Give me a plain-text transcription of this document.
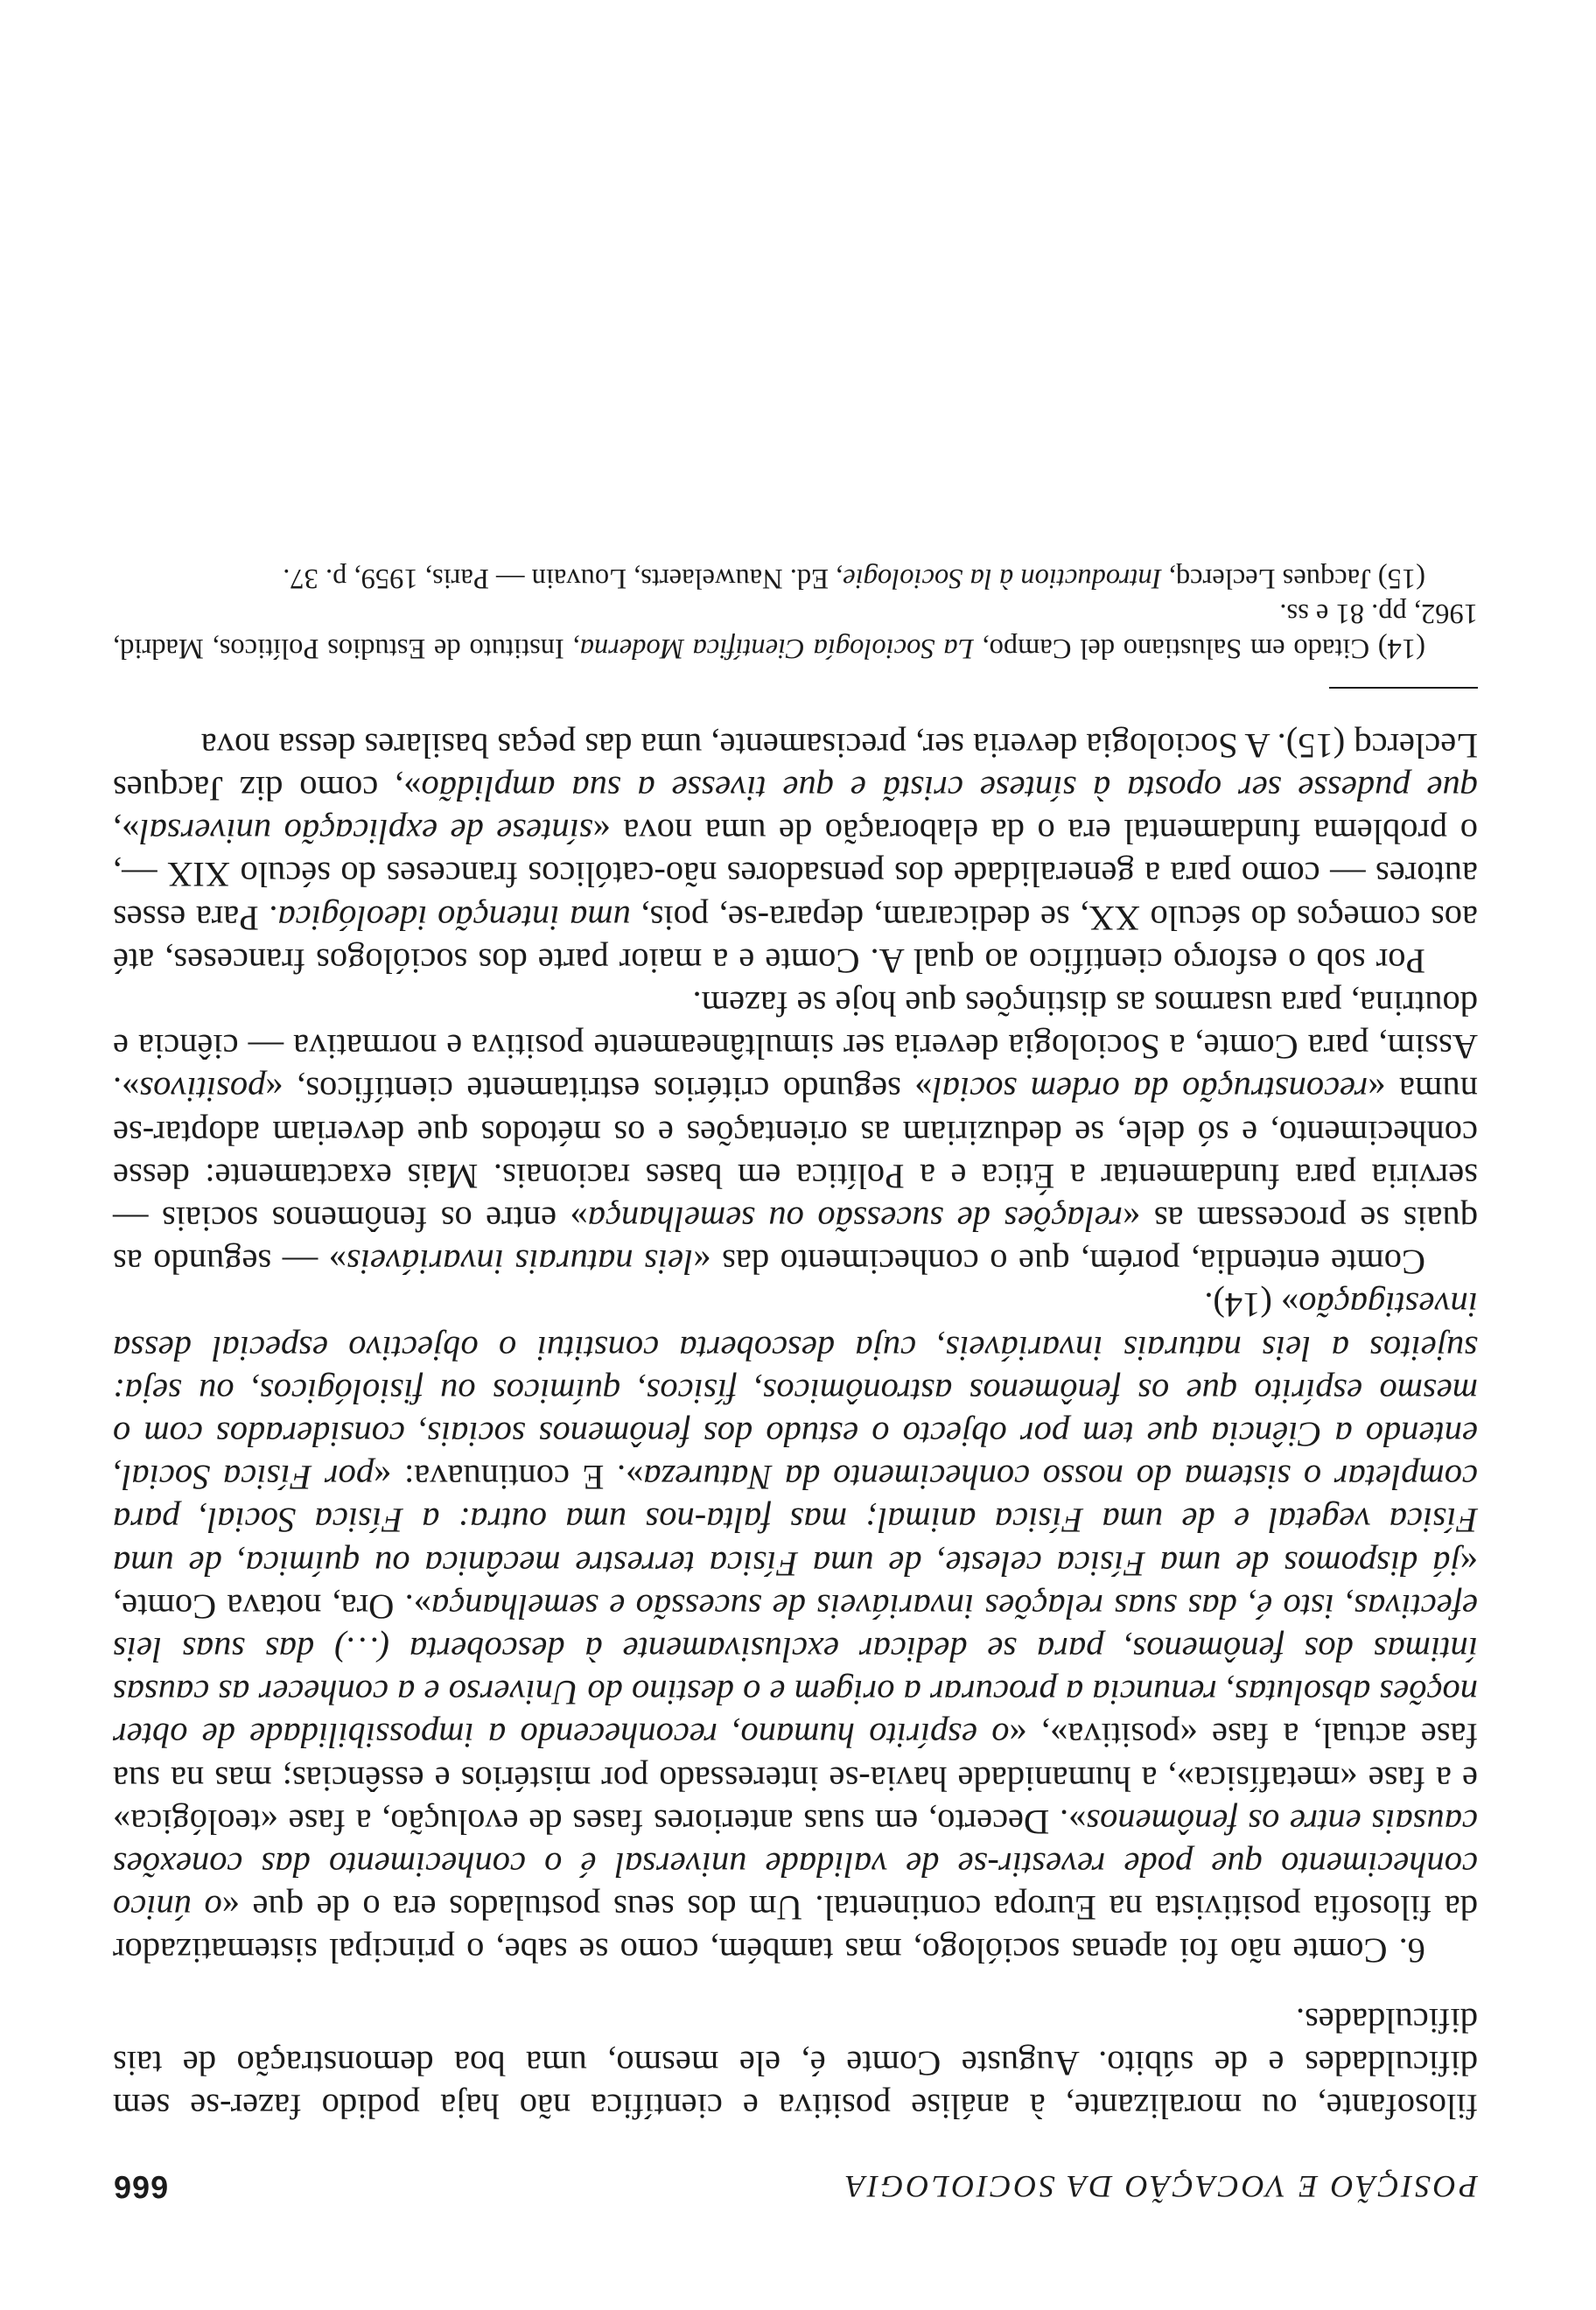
POSIÇÃO E VOCAÇÃO DA SOCIOLOGIA
666

filosofante, ou moralizante, à análise positiva e científica não haja podido fazer-se sem dificuldades e de súbito. Auguste Comte é, ele mesmo, uma boa demonstração de tais dificuldades.

6. Comte não foi apenas sociólogo, mas também, como se sabe, o principal sistematizador da filosofia positivista na Europa continental. Um dos seus postulados era o de que «o único conhecimento que pode revestir-se de validade universal é o conhecimento das conexões causais entre os fenômenos». Decerto, em suas anteriores fases de evolução, a fase «teológica» e a fase «metafísica», a humanidade havia-se interessado por mistérios e essências; mas na sua fase actual, a fase «positiva», «o espírito humano, reconhecendo a impossibilidade de obter noções absolutas, renuncia a procurar a origem e o destino do Universo e a conhecer as causas íntimas dos fenômenos, para se dedicar exclusivamente à descoberta (…) das suas leis efectivas, isto é, das suas relações invariáveis de sucessão e semelhança». Ora, notava Comte, «já dispomos de uma Física celeste, de uma Física terrestre mecânica ou química, de uma Física vegetal e de uma Física animal; mas falta-nos uma outra: a Física Social, para completar o sistema do nosso conhecimento da Natureza». E continuava: «por Física Social, entendo a Ciência que tem por objecto o estudo dos fenômenos sociais, considerados com o mesmo espírito que os fenômenos astronômicos, físicos, químicos ou fisiológicos, ou seja: sujeitos a leis naturais invariáveis, cuja descoberta constitui o objectivo especial dessa investigação» (14).

Comte entendia, porém, que o conhecimento das «leis naturais invariáveis» — segundo as quais se processam as «relações de sucessão ou semelhança» entre os fenômenos sociais — serviria para fundamentar a Ética e a Política em bases racionais. Mais exactamente: desse conhecimento, e só dele, se deduziriam as orientações e os métodos que deveriam adoptar-se numa «reconstrução da ordem social» segundo critérios estritamente científicos, «positivos». Assim, para Comte, a Sociologia deveria ser simultâneamente positiva e normativa — ciência e doutrina, para usarmos as distinções que hoje se fazem.

Por sob o esforço científico ao qual A. Comte e a maior parte dos sociólogos franceses, até aos começos do século XX, se dedicaram, depara-se, pois, uma intenção ideológica. Para esses autores — como para a generalidade dos pensadores não-católicos franceses do século XIX —, o problema fundamental era o da elaboração de uma nova «síntese de explicação universal», que pudesse ser oposta à síntese cristã e que tivesse a sua amplidão», como diz Jacques Leclercq (15). A Sociologia deveria ser, precisamente, uma das peças basilares dessa nova

(14) Citado em Salustiano del Campo, La Sociología Científica Moderna, Instituto de Estudios Políticos, Madrid, 1962, pp. 81 e ss.

(15) Jacques Leclercq, Introduction à la Sociologie, Ed. Nauwelaerts, Louvain — Paris, 1959, p. 37.
